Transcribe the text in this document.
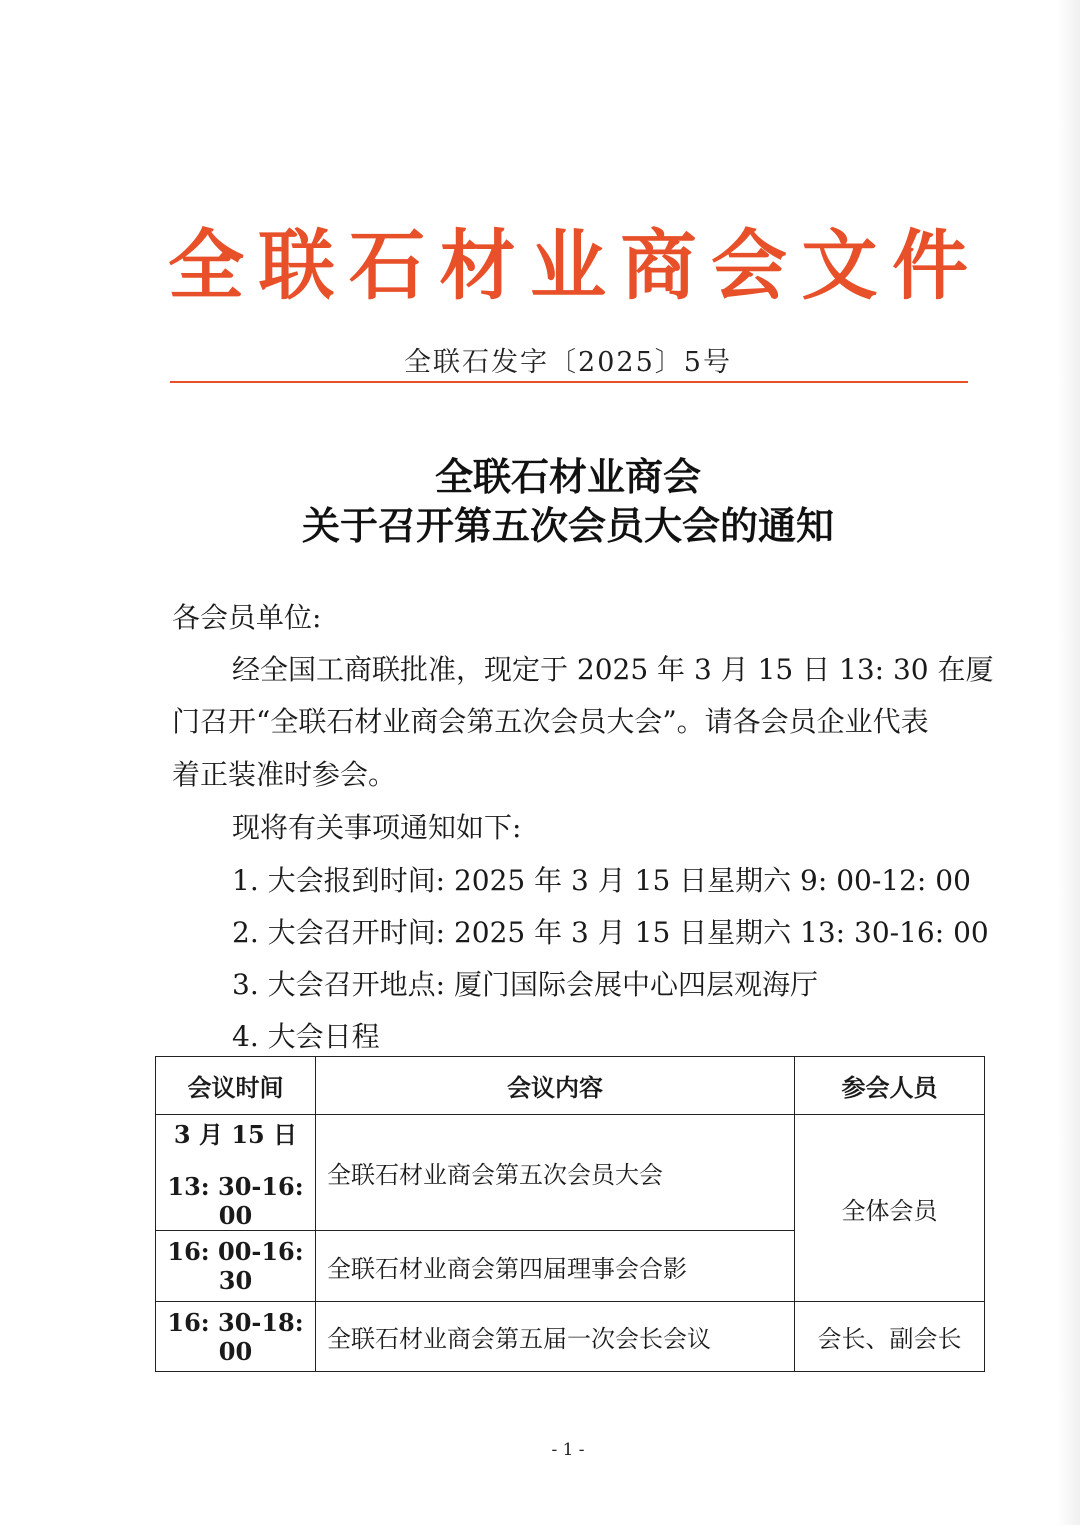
全 联 石 材 业 商 会 文 件
全联石发字〔2025〕5号
全联石材业商会
关于召开第五次会员大会的通知
各会员单位:
经全国工商联批准，现定于 2025 年 3 月 15 日 13: 30 在厦
门召开“全联石材业商会第五次会员大会”。请各会员企业代表
着正装准时参会。
现将有关事项通知如下:
1. 大会报到时间: 2025 年 3 月 15 日星期六 9: 00-12: 00
2. 大会召开时间: 2025 年 3 月 15 日星期六 13: 30-16: 00
3. 大会召开地点: 厦门国际会展中心四层观海厅
4. 大会日程
会议时间	会议内容	参会人员

3 月 15 日
13: 30-16: 00	全联石材业商会第五次会员大会	全体会员
16: 00-16: 30	全联石材业商会第四届理事会合影	
16: 30-18: 00	全联石材业商会第五届一次会长会议	会长、副会长
- 1 -
